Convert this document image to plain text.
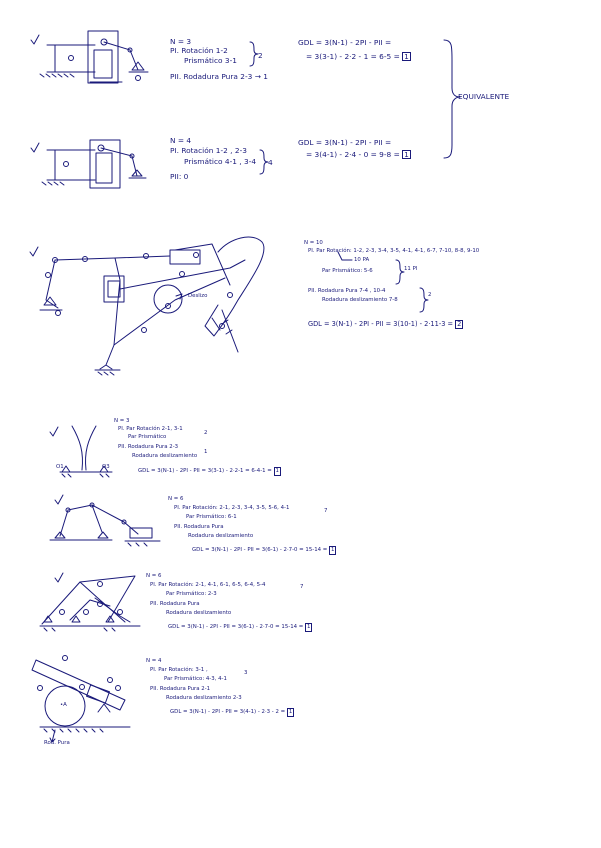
N = 3
PI. Rotación 1-2
Prismático 3-1
2
PII. Rodadura Pura 2-3 → 1
GDL = 3(N-1) - 2PI - PII =
= 3(3-1) - 2·2 - 1 = 6-5 = 1
EQUIVALENTE
N = 4
PI. Rotación 1-2 , 2-3
Prismático 4-1 , 3-4 4
PII: 0
GDL = 3(N-1) - 2PI - PII =
= 3(4-1) - 2·4 - 0 = 9-8 = 1
N = 10
PI. Par Rotación: 1-2, 2-3, 3-4, 3-5, 4-1, 4-1, 6-7, 7-10, 8-8, 9-10
10 PA
Par Prismático: 5-6	11 PI
PII. Rodadura Pura 7-4 , 10-4
Rodadura deslizamiento 7-8
2
GDL = 3(N-1) - 2PI - PII = 3(10-1) - 2·11-3 = 2
Deslizo
N = 3
PI. Par Rotación 2-1, 3-1
Par Prismático
2
PII. Rodadura Pura 2-3
Rodadura deslizamiento
1
GDL = 3(N-1) - 2PI - PII = 3(3-1) - 2·2-1 = 6-4-1 = 1
O1	O3
N = 6
PI. Par Rotación: 2-1, 2-3, 3-4, 3-5, 5-6, 4-1
Par Prismático: 6-1
7
PII. Rodadura Pura
Rodadura deslizamiento
GDL = 3(N-1) - 2PI - PII = 3(6-1) - 2·7-0 = 15-14 = 1
N = 6
PI. Par Rotación: 2-1, 4-1, 6-1, 6-5, 6-4, 5-4
Par Prismático: 2-3
7
PII. Rodadura Pura
Rodadura deslizamiento
GDL = 3(N-1) - 2PI - PII = 3(6-1) - 2·7-0 = 15-14 = 1
N = 4
PI. Par Rotación: 3-1 ,
Par Prismático: 4-3, 4-1
3
PII. Rodadura Pura 2-1
Rodadura deslizamiento 2-3
GDL = 3(N-1) - 2PI - PII = 3(4-1) - 2·3 - 2 = 1
Rod. Pura
•A
